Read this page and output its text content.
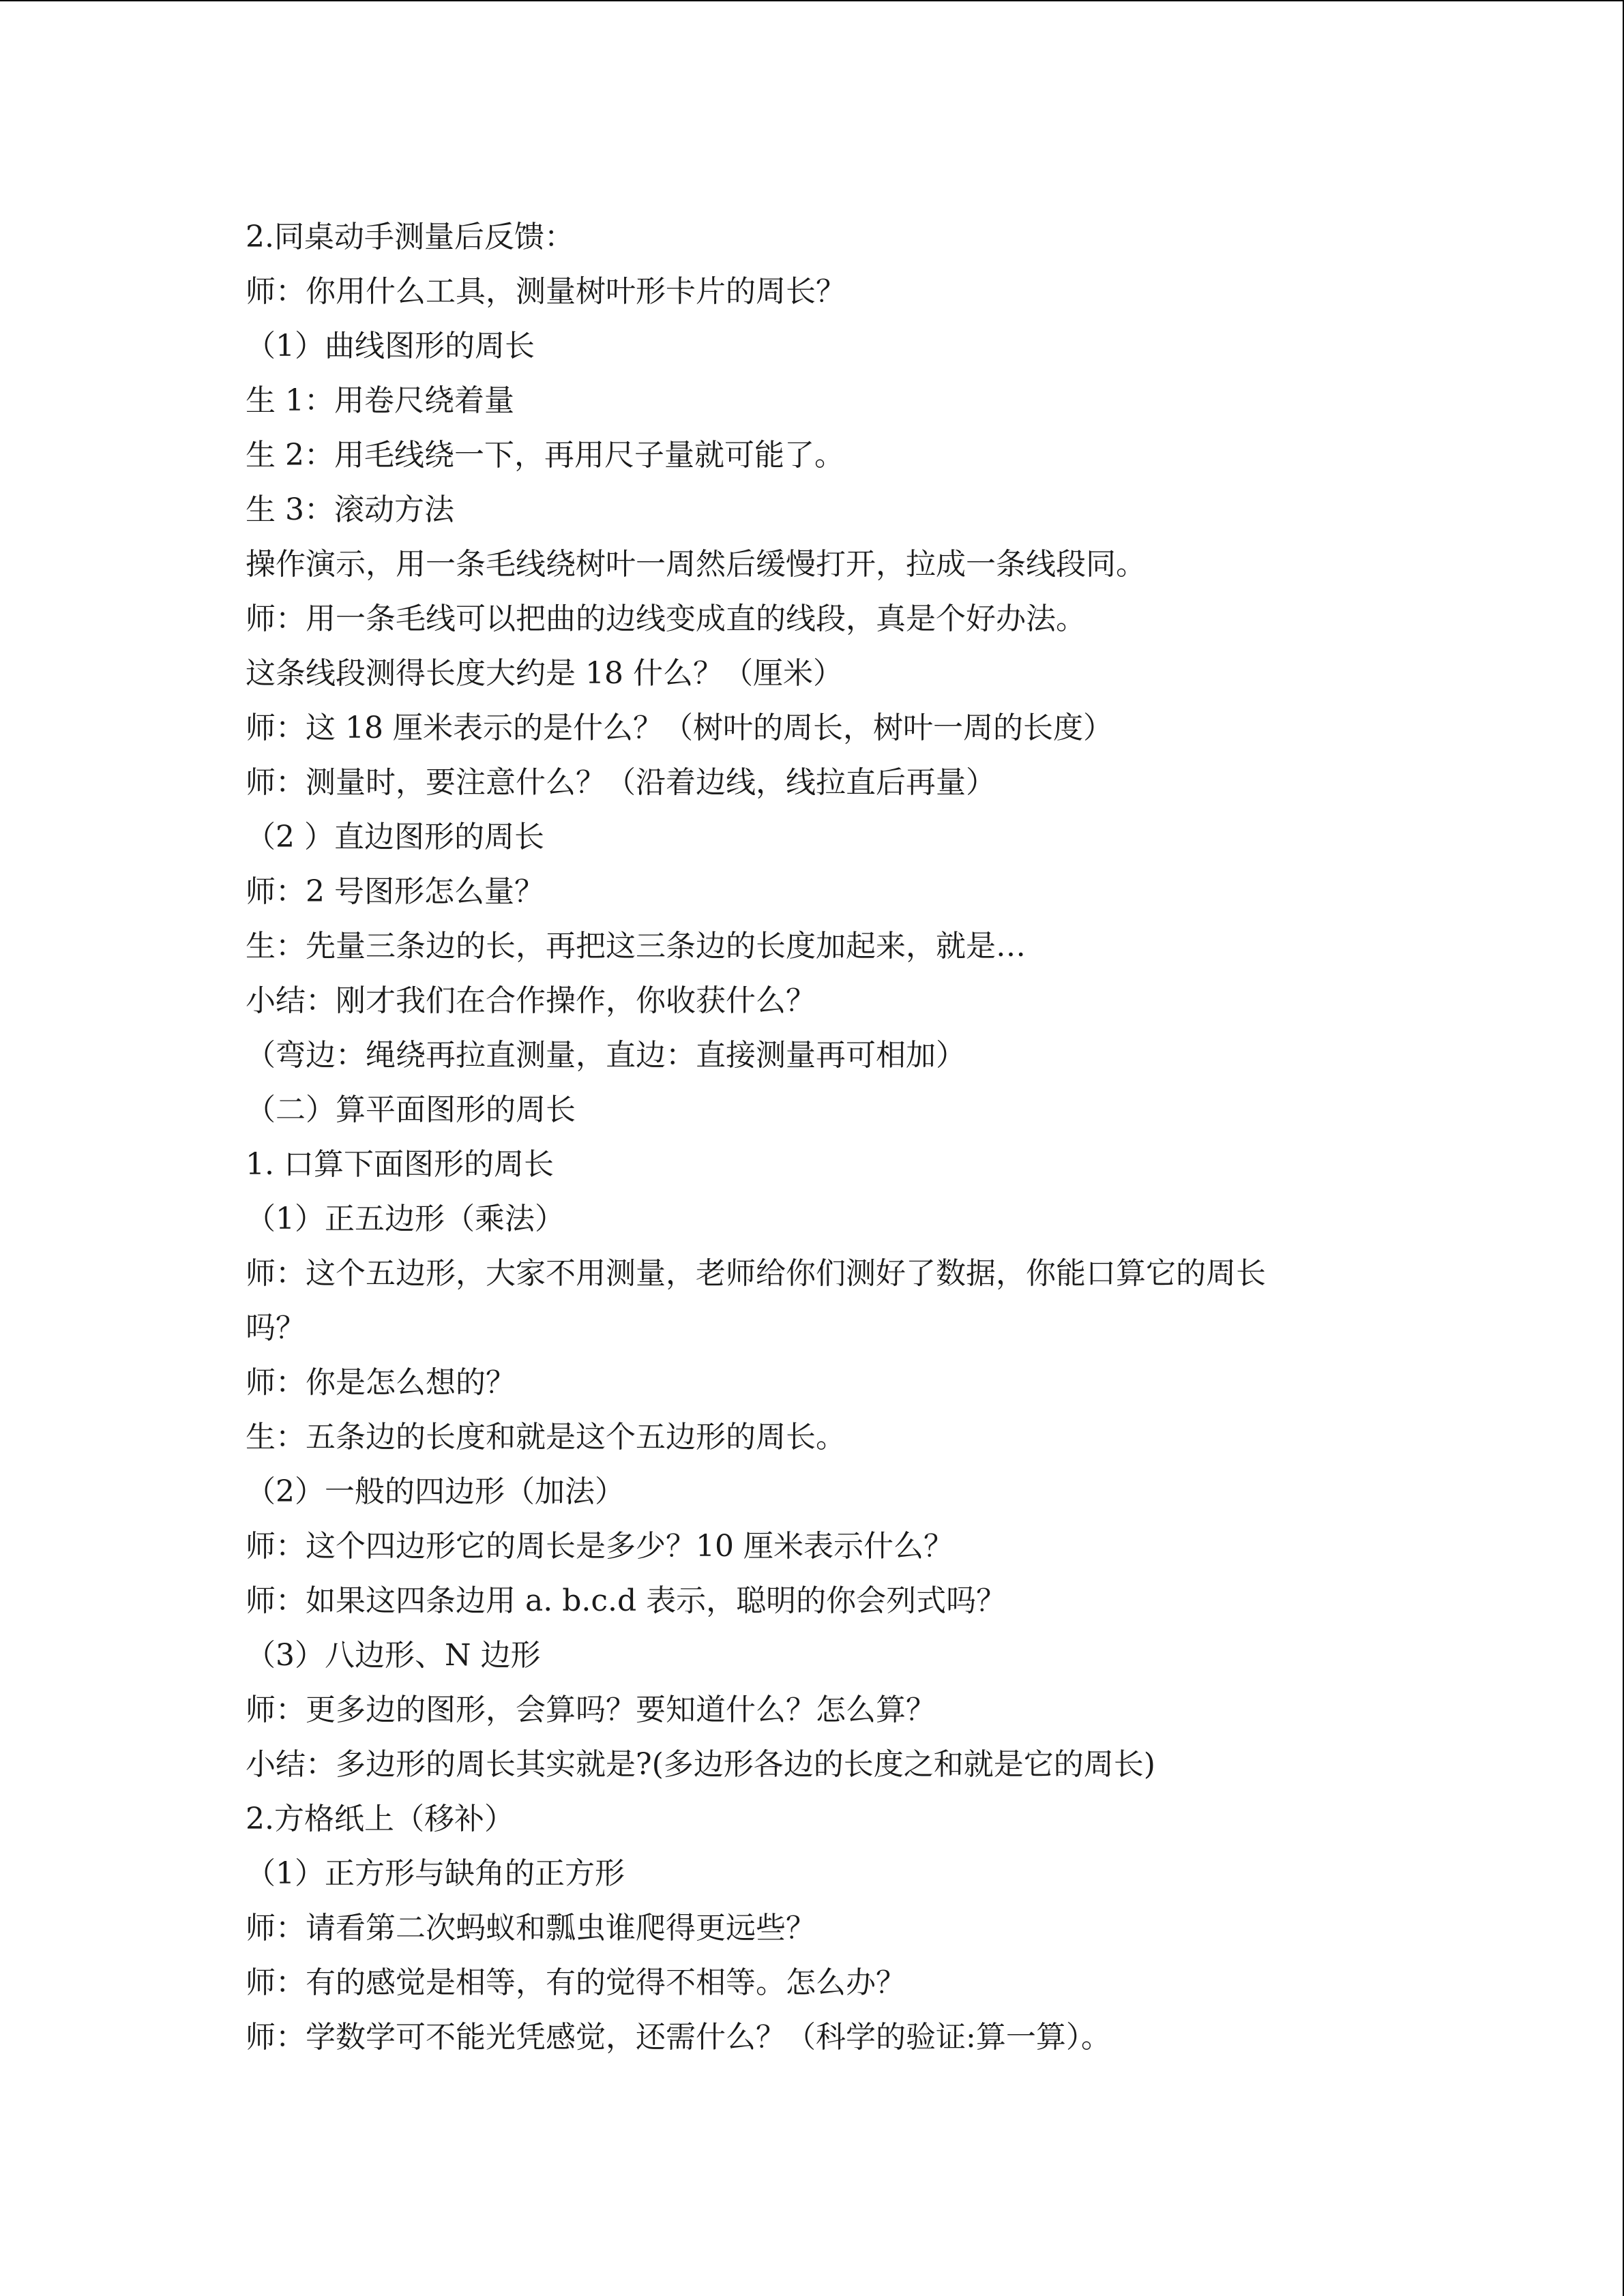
2.同桌动手测量后反馈：
师：你用什么工具，测量树叶形卡片的周长？
（1）曲线图形的周长
生 1：用卷尺绕着量
生 2：用毛线绕一下，再用尺子量就可能了。
生 3：滚动方法
操作演示，用一条毛线绕树叶一周然后缓慢打开，拉成一条线段同。
师：用一条毛线可以把曲的边线变成直的线段，真是个好办法。
这条线段测得长度大约是 18 什么？（厘米）
师：这 18 厘米表示的是什么？（树叶的周长，树叶一周的长度）
师：测量时，要注意什么？（沿着边线，线拉直后再量）
（2 ）直边图形的周长
师：2 号图形怎么量？
生：先量三条边的长，再把这三条边的长度加起来，就是…
小结：刚才我们在合作操作，你收获什么？
（弯边：绳绕再拉直测量，直边：直接测量再可相加）
（二）算平面图形的周长
1. 口算下面图形的周长
（1）正五边形（乘法）
师：这个五边形，大家不用测量，老师给你们测好了数据，你能口算它的周长
吗？
师：你是怎么想的？
生：五条边的长度和就是这个五边形的周长。
（2）一般的四边形（加法）
师：这个四边形它的周长是多少？10 厘米表示什么？
师：如果这四条边用 a. b.c.d 表示，聪明的你会列式吗？
（3）八边形、N 边形
师：更多边的图形，会算吗？要知道什么？怎么算？
小结：多边形的周长其实就是?(多边形各边的长度之和就是它的周长)
2.方格纸上（移补）
（1）正方形与缺角的正方形
师：请看第二次蚂蚁和瓢虫谁爬得更远些？
师：有的感觉是相等，有的觉得不相等。怎么办？
师：学数学可不能光凭感觉，还需什么？（科学的验证:算一算）。
